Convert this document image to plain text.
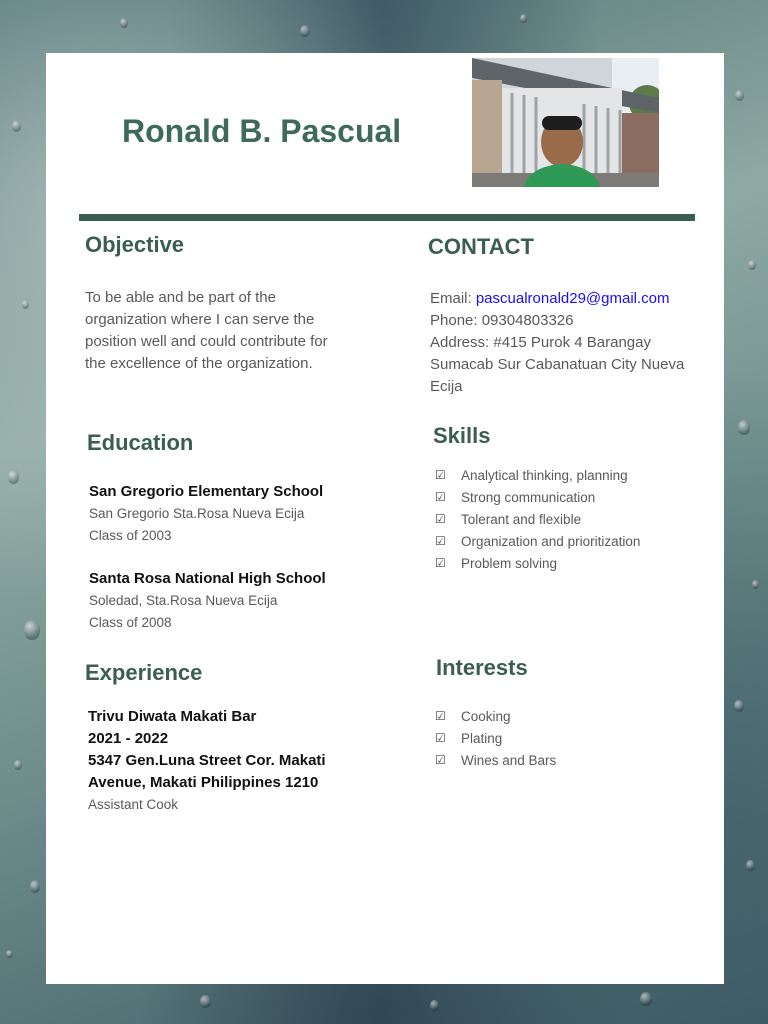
Ronald B. Pascual
Objective

To be able and be part of the organization where I can serve the position well and could contribute for the excellence of the organization.

CONTACT
Email: pascualronald29@gmail.com
Phone: 09304803326
Address: #415 Purok 4 Barangay Sumacab Sur Cabanatuan City Nueva Ecija
Education

San Gregorio Elementary School

San Gregorio Sta.Rosa Nueva Ecija

Class of 2003

Santa Rosa National High School

Soledad, Sta.Rosa Nueva Ecija

Class of 2008

Skills
☑	Analytical thinking, planning
☑	Strong communication
☑	Tolerant and flexible
☑	Organization and prioritization
☑	Problem solving
Experience
Trivu Diwata Makati Bar
2021 - 2022
5347 Gen.Luna Street Cor. Makati Avenue, Makati Philippines 1210

Assistant Cook

Interests
☑	Cooking
☑	Plating
☑	Wines and Bars
